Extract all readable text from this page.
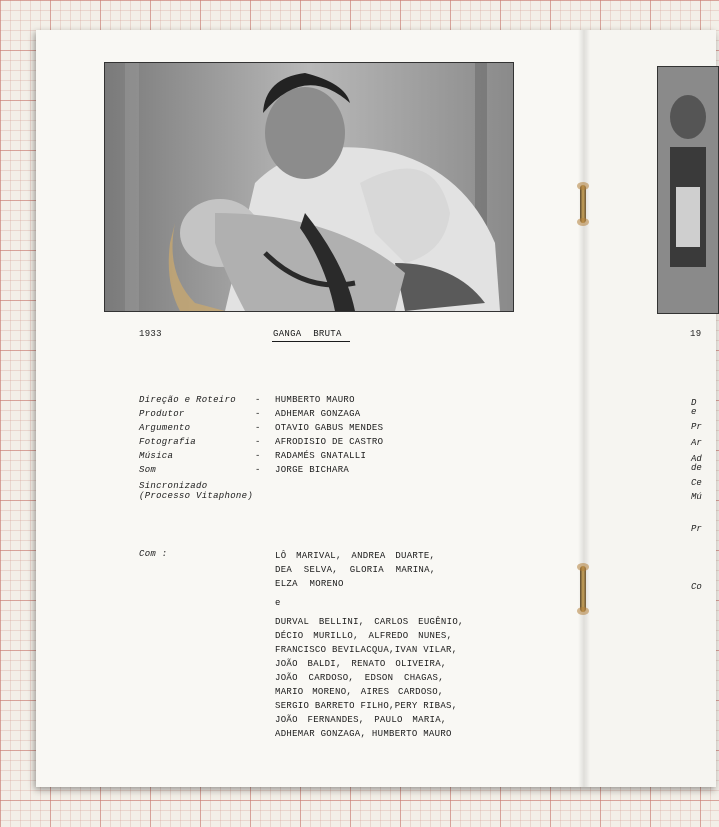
1933	GANGA BRUTA
Direção e Roteiro - HUMBERTO MAURO
Produtor	- ADHEMAR GONZAGA
Argumento	- OTAVIO GABUS MENDES
Fotografia	- AFRODISIO DE CASTRO
Música	- RADAMÉS GNATALLI
Som	- JORGE BICHARA
Sincronizado
(Processo Vitaphone)
Com :	LÔ MARIVAL, ANDREA DUARTE,
DEA SELVA, GLORIA MARINA,
ELZA MORENO
e
DURVAL BELLINI, CARLOS EUGÊNIO,
DÉCIO MURILLO, ALFREDO NUNES,
FRANCISCO BEVILACQUA,IVAN VILAR,
JOÃO BALDI, RENATO OLIVEIRA,
JOÃO CARDOSO, EDSON CHAGAS,
MARIO MORENO, AIRES CARDOSO,
SERGIO BARRETO FILHO,PERY RIBAS,
JOÃO FERNANDES, PAULO MARIA,
ADHEMAR GONZAGA, HUMBERTO MAURO
19
D
e
Pr
Ar
Ad
de
Ce
Mú
Pr
Co
